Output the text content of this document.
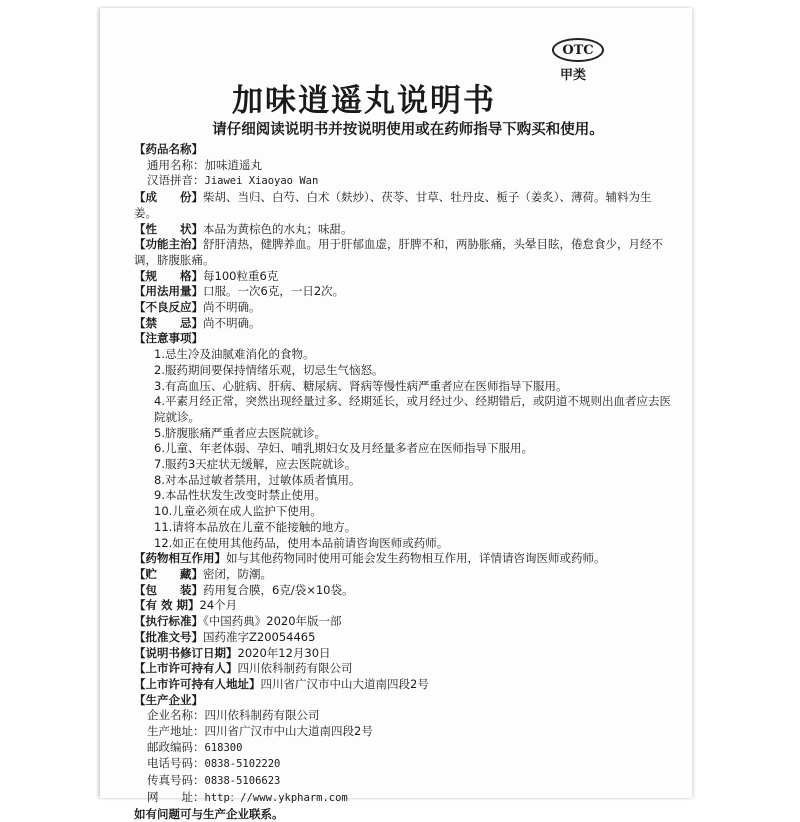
OTC
甲类
加味逍遥丸说明书
请仔细阅读说明书并按说明使用或在药师指导下购买和使用。
【药品名称】
通用名称：加味逍遥丸
汉语拼音：Jiawei Xiaoyao Wan
【成　　份】柴胡、当归、白芍、白术（麸炒）、茯苓、甘草、牡丹皮、栀子（姜炙）、薄荷。辅料为生姜。
【性　　状】本品为黄棕色的水丸；味甜。
【功能主治】舒肝清热，健脾养血。用于肝郁血虚，肝脾不和，两胁胀痛，头晕目眩，倦怠食少，月经不调，脐腹胀痛。
【规　　格】每100粒重6克
【用法用量】口服。一次6克，一日2次。
【不良反应】尚不明确。
【禁　　忌】尚不明确。
【注意事项】
1.忌生冷及油腻难消化的食物。
2.服药期间要保持情绪乐观，切忌生气恼怒。
3.有高血压、心脏病、肝病、糖尿病、肾病等慢性病严重者应在医师指导下服用。
4.平素月经正常，突然出现经量过多、经期延长，或月经过少、经期错后，或阴道不规则出血者应去医院就诊。
5.脐腹胀痛严重者应去医院就诊。
6.儿童、年老体弱、孕妇、哺乳期妇女及月经量多者应在医师指导下服用。
7.服药3天症状无缓解，应去医院就诊。
8.对本品过敏者禁用，过敏体质者慎用。
9.本品性状发生改变时禁止使用。
10.儿童必须在成人监护下使用。
11.请将本品放在儿童不能接触的地方。
12.如正在使用其他药品，使用本品前请咨询医师或药师。
【药物相互作用】如与其他药物同时使用可能会发生药物相互作用，详情请咨询医师或药师。
【贮　　藏】密闭，防潮。
【包　　装】药用复合膜，6克/袋×10袋。
【有 效 期】24个月
【执行标准】《中国药典》2020年版一部
【批准文号】国药准字Z20054465
【说明书修订日期】2020年12月30日
【上市许可持有人】四川依科制药有限公司
【上市许可持有人地址】四川省广汉市中山大道南四段2号
【生产企业】
企业名称：四川依科制药有限公司
生产地址：四川省广汉市中山大道南四段2号
邮政编码：618300
电话号码：0838-5102220
传真号码：0838-5106623
网　　址：http：//www.ykpharm.com
如有问题可与生产企业联系。
